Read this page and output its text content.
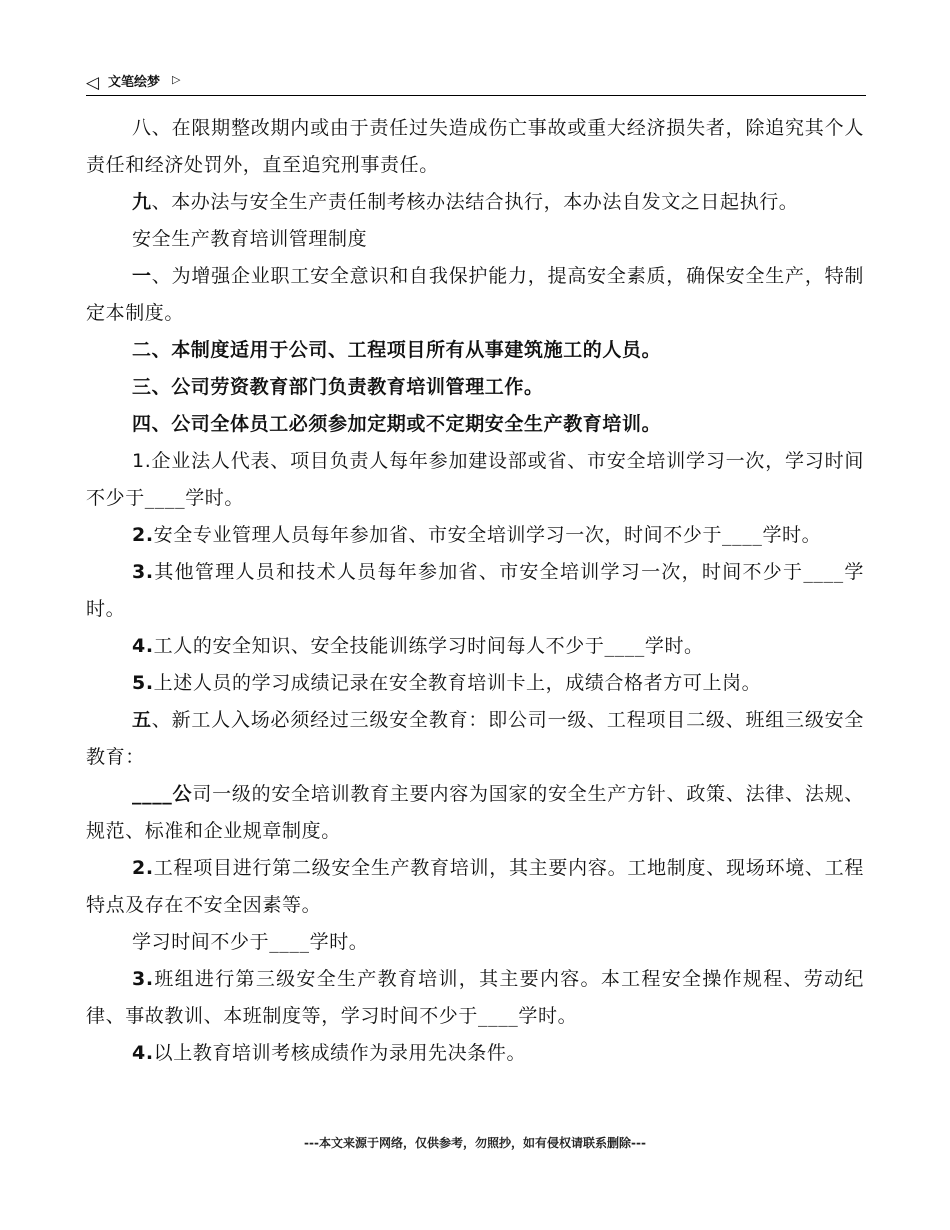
◁ 文笔绘梦 ▷

八、在限期整改期内或由于责任过失造成伤亡事故或重大经济损失者，除追究其个人责任和经济处罚外，直至追究刑事责任。

九、本办法与安全生产责任制考核办法结合执行，本办法自发文之日起执行。

安全生产教育培训管理制度

一、为增强企业职工安全意识和自我保护能力，提高安全素质，确保安全生产，特制定本制度。

二、本制度适用于公司、工程项目所有从事建筑施工的人员。

三、公司劳资教育部门负责教育培训管理工作。

四、公司全体员工必须参加定期或不定期安全生产教育培训。

1.企业法人代表、项目负责人每年参加建设部或省、市安全培训学习一次，学习时间不少于____学时。

2.安全专业管理人员每年参加省、市安全培训学习一次，时间不少于____学时。

3.其他管理人员和技术人员每年参加省、市安全培训学习一次，时间不少于____学时。

4.工人的安全知识、安全技能训练学习时间每人不少于____学时。

5.上述人员的学习成绩记录在安全教育培训卡上，成绩合格者方可上岗。

五、新工人入场必须经过三级安全教育：即公司一级、工程项目二级、班组三级安全教育：

____公司一级的安全培训教育主要内容为国家的安全生产方针、政策、法律、法规、规范、标准和企业规章制度。

2.工程项目进行第二级安全生产教育培训，其主要内容。工地制度、现场环境、工程特点及存在不安全因素等。

学习时间不少于____学时。

3.班组进行第三级安全生产教育培训，其主要内容。本工程安全操作规程、劳动纪律、事故教训、本班制度等，学习时间不少于____学时。

4.以上教育培训考核成绩作为录用先决条件。

---本文来源于网络，仅供参考，勿照抄，如有侵权请联系删除---
